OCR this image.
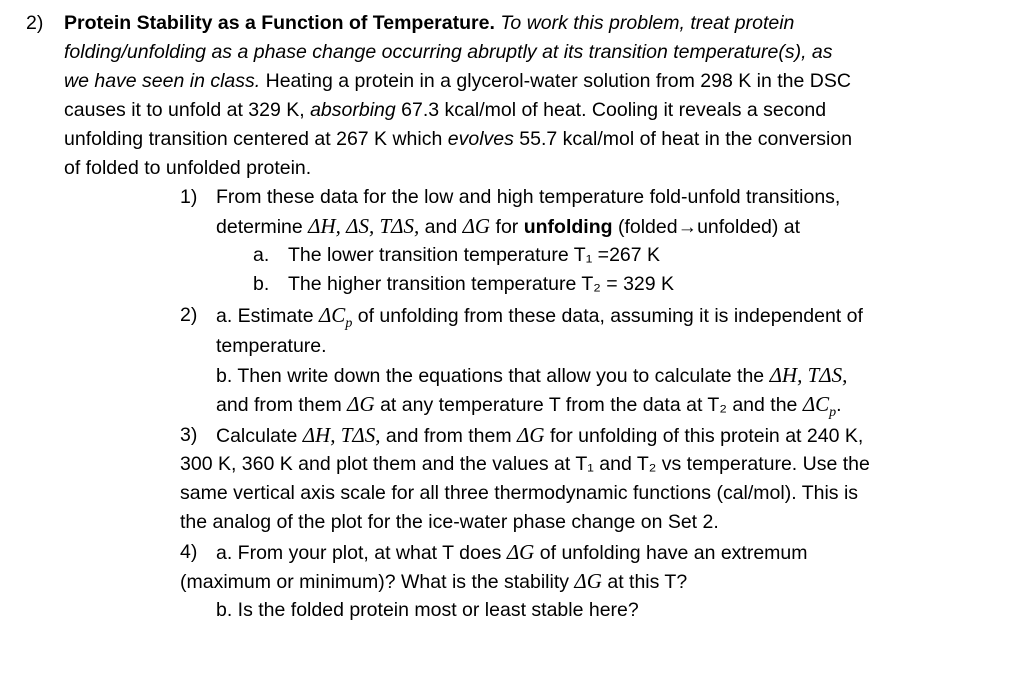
2) Protein Stability as a Function of Temperature. To work this problem, treat protein
folding/unfolding as a phase change occurring abruptly at its transition temperature(s), as
we have seen in class. Heating a protein in a glycerol-water solution from 298 K in the DSC
causes it to unfold at 329 K, absorbing 67.3 kcal/mol of heat. Cooling it reveals a second
unfolding transition centered at 267 K which evolves 55.7 kcal/mol of heat in the conversion
of folded to unfolded protein.
1) From these data for the low and high temperature fold-unfold transitions,
determine ΔH, ΔS, TΔS, and ΔG for unfolding (folded→unfolded) at
a. The lower transition temperature T₁ =267 K
b. The higher transition temperature T₂ = 329 K
2) a. Estimate $\Delta C_p$ of unfolding from these data, assuming it is independent of
temperature.
b. Then write down the equations that allow you to calculate the ΔH, TΔS,
and from them ΔG at any temperature T from the data at T₂ and the $\Delta C_p$.
3) Calculate ΔH, TΔS, and from them ΔG for unfolding of this protein at 240 K,
300 K, 360 K and plot them and the values at T₁ and T₂ vs temperature. Use the
same vertical axis scale for all three thermodynamic functions (cal/mol). This is
the analog of the plot for the ice-water phase change on Set 2.
4) a. From your plot, at what T does ΔG of unfolding have an extremum
(maximum or minimum)? What is the stability ΔG at this T?
b. Is the folded protein most or least stable here?
